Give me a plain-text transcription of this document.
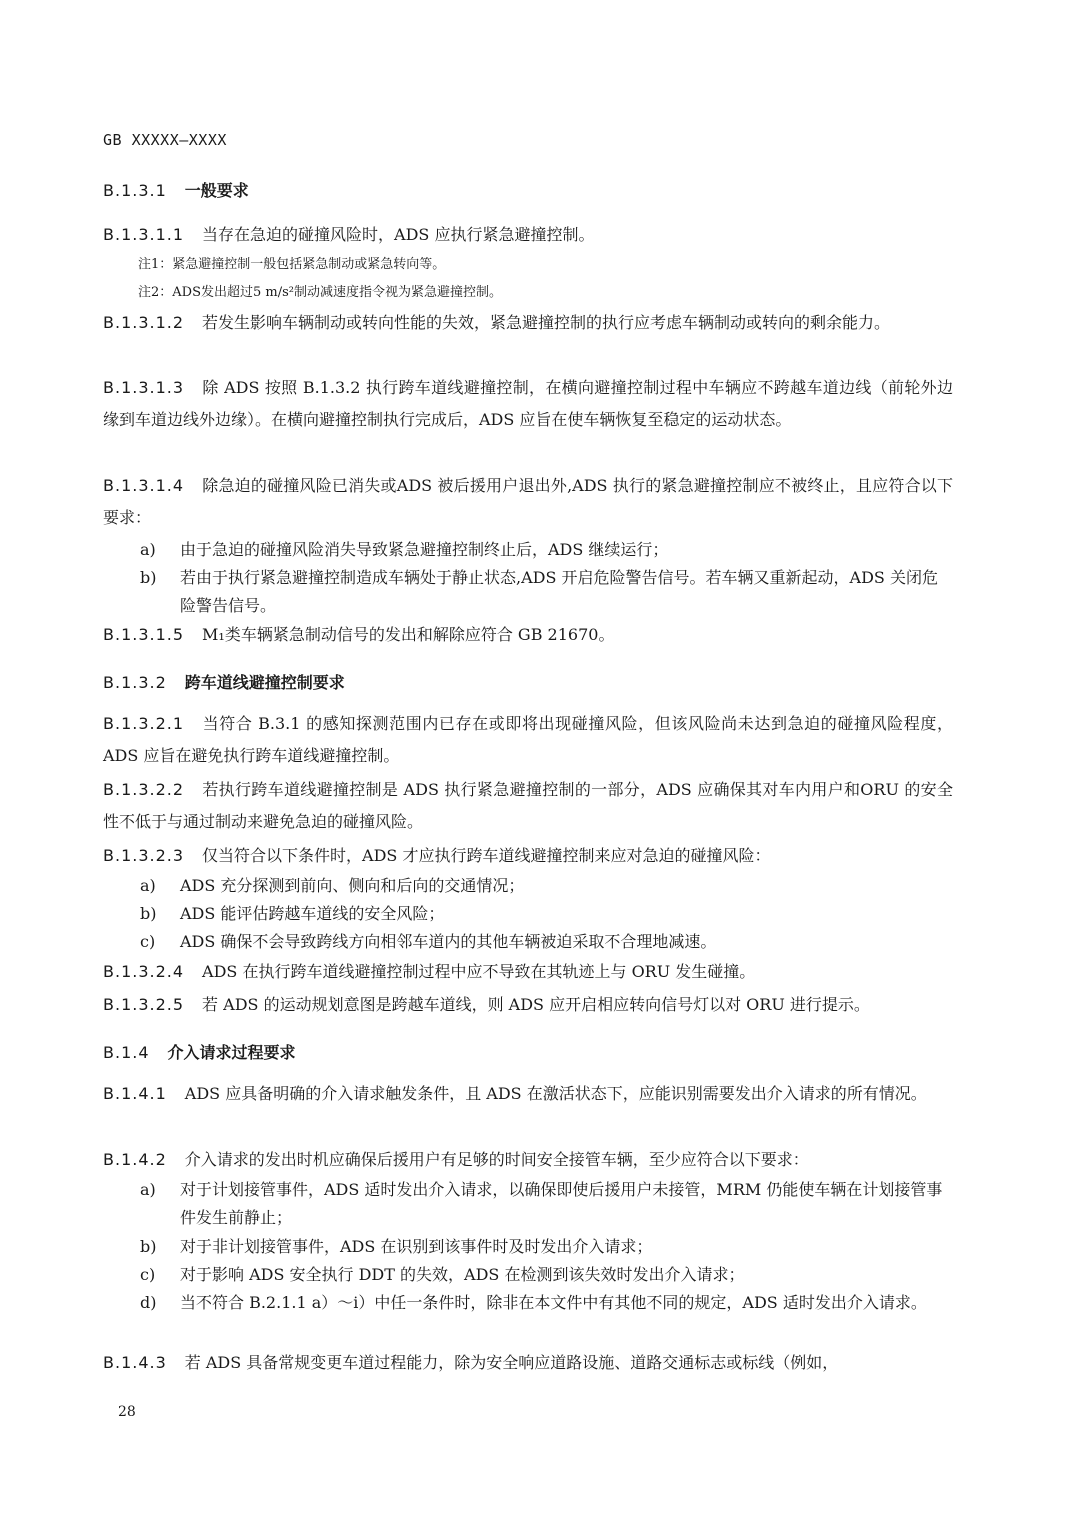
GB XXXXX—XXXX
B.1.3.1 一般要求
B.1.3.1.1 当存在急迫的碰撞风险时，ADS 应执行紧急避撞控制。
注1：紧急避撞控制一般包括紧急制动或紧急转向等。
注2：ADS发出超过5 m/s²制动减速度指令视为紧急避撞控制。
B.1.3.1.2 若发生影响车辆制动或转向性能的失效，紧急避撞控制的执行应考虑车辆制动或转向的剩余能力。
B.1.3.1.3 除 ADS 按照 B.1.3.2 执行跨车道线避撞控制，在横向避撞控制过程中车辆应不跨越车道边线（前轮外边缘到车道边线外边缘）。在横向避撞控制执行完成后，ADS 应旨在使车辆恢复至稳定的运动状态。
B.1.3.1.4 除急迫的碰撞风险已消失或ADS 被后援用户退出外,ADS 执行的紧急避撞控制应不被终止，且应符合以下要求：
a) 由于急迫的碰撞风险消失导致紧急避撞控制终止后，ADS 继续运行；
b) 若由于执行紧急避撞控制造成车辆处于静止状态,ADS 开启危险警告信号。若车辆又重新起动，ADS 关闭危险警告信号。
B.1.3.1.5 M₁类车辆紧急制动信号的发出和解除应符合 GB 21670。
B.1.3.2 跨车道线避撞控制要求
B.1.3.2.1 当符合 B.3.1 的感知探测范围内已存在或即将出现碰撞风险，但该风险尚未达到急迫的碰撞风险程度，ADS 应旨在避免执行跨车道线避撞控制。
B.1.3.2.2 若执行跨车道线避撞控制是 ADS 执行紧急避撞控制的一部分，ADS 应确保其对车内用户和ORU 的安全性不低于与通过制动来避免急迫的碰撞风险。
B.1.3.2.3 仅当符合以下条件时，ADS 才应执行跨车道线避撞控制来应对急迫的碰撞风险：
a) ADS 充分探测到前向、侧向和后向的交通情况；
b) ADS 能评估跨越车道线的安全风险；
c) ADS 确保不会导致跨线方向相邻车道内的其他车辆被迫采取不合理地减速。
B.1.3.2.4 ADS 在执行跨车道线避撞控制过程中应不导致在其轨迹上与 ORU 发生碰撞。
B.1.3.2.5 若 ADS 的运动规划意图是跨越车道线，则 ADS 应开启相应转向信号灯以对 ORU 进行提示。
B.1.4 介入请求过程要求
B.1.4.1 ADS 应具备明确的介入请求触发条件，且 ADS 在激活状态下，应能识别需要发出介入请求的所有情况。
B.1.4.2 介入请求的发出时机应确保后援用户有足够的时间安全接管车辆，至少应符合以下要求：
a) 对于计划接管事件，ADS 适时发出介入请求，以确保即使后援用户未接管，MRM 仍能使车辆在计划接管事件发生前静止；
b) 对于非计划接管事件，ADS 在识别到该事件时及时发出介入请求；
c) 对于影响 ADS 安全执行 DDT 的失效，ADS 在检测到该失效时发出介入请求；
d) 当不符合 B.2.1.1 a）～i）中任一条件时，除非在本文件中有其他不同的规定，ADS 适时发出介入请求。
B.1.4.3 若 ADS 具备常规变更车道过程能力，除为安全响应道路设施、道路交通标志或标线（例如，
28
